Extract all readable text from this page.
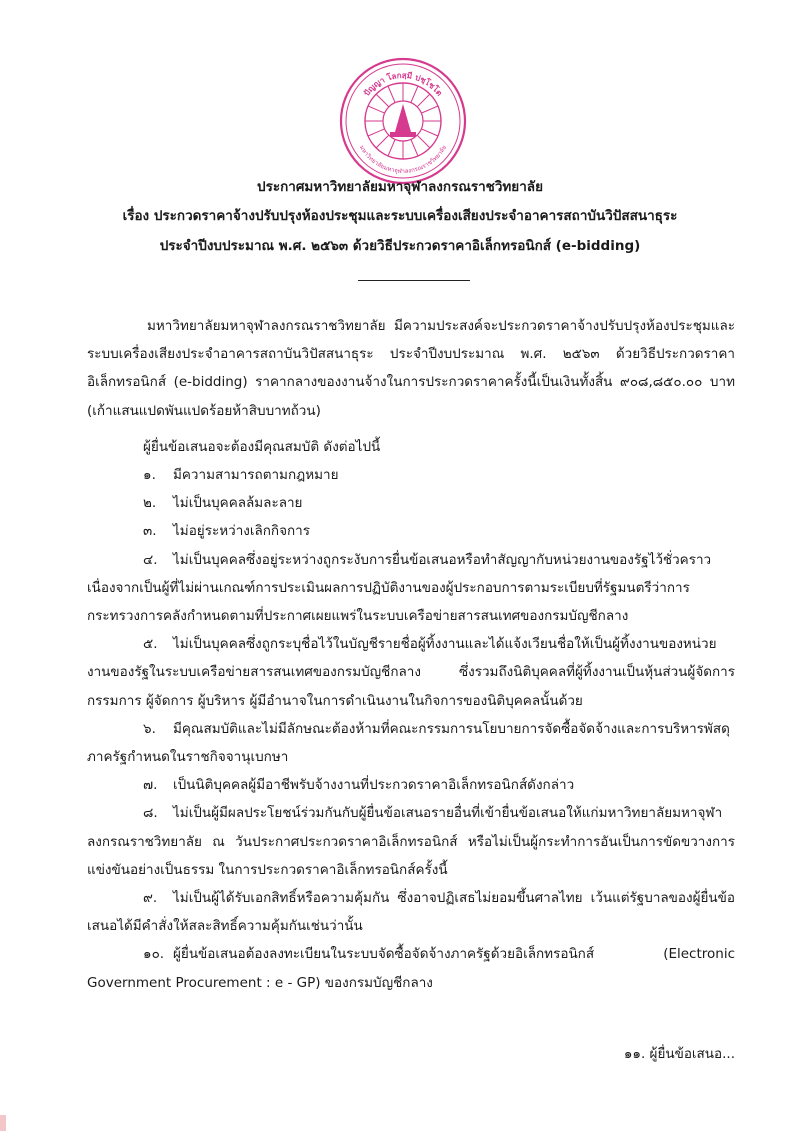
ปัญญา โลกสฺมี ปชฺโชโต
มหาวิทยาลัยมหาจุฬาลงกรณราชวิทยาลัย
ประกาศมหาวิทยาลัยมหาจุฬาลงกรณราชวิทยาลัย
เรื่อง ประกวดราคาจ้างปรับปรุงห้องประชุมและระบบเครื่องเสียงประจำอาคารสถาบันวิปัสสนาธุระ
ประจำปีงบประมาณ พ.ศ. ๒๕๖๓ ด้วยวิธีประกวดราคาอิเล็กทรอนิกส์ (e-bidding)

มหาวิทยาลัยมหาจุฬาลงกรณราชวิทยาลัย มีความประสงค์จะประกวดราคาจ้างปรับปรุงห้องประชุมและระบบเครื่องเสียงประจำอาคารสถาบันวิปัสสนาธุระ ประจำปีงบประมาณ พ.ศ. ๒๕๖๓ ด้วยวิธีประกวดราคาอิเล็กทรอนิกส์ (e-bidding) ราคากลางของงานจ้างในการประกวดราคาครั้งนี้เป็นเงินทั้งสิ้น ๙๐๘,๘๕๐.๐๐ บาท (เก้าแสนแปดพันแปดร้อยห้าสิบบาทถ้วน)

ผู้ยื่นข้อเสนอจะต้องมีคุณสมบัติ ดังต่อไปนี้

๑. มีความสามารถตามกฎหมาย

๒. ไม่เป็นบุคคลล้มละลาย

๓. ไม่อยู่ระหว่างเลิกกิจการ

๔. ไม่เป็นบุคคลซึ่งอยู่ระหว่างถูกระงับการยื่นข้อเสนอหรือทำสัญญากับหน่วยงานของรัฐไว้ชั่วคราวเนื่องจากเป็นผู้ที่ไม่ผ่านเกณฑ์การประเมินผลการปฏิบัติงานของผู้ประกอบการตามระเบียบที่รัฐมนตรีว่าการกระทรวงการคลังกำหนดตามที่ประกาศเผยแพร่ในระบบเครือข่ายสารสนเทศของกรมบัญชีกลาง

๕. ไม่เป็นบุคคลซึ่งถูกระบุชื่อไว้ในบัญชีรายชื่อผู้ทิ้งงานและได้แจ้งเวียนชื่อให้เป็นผู้ทิ้งงานของหน่วยงานของรัฐในระบบเครือข่ายสารสนเทศของกรมบัญชีกลาง ซึ่งรวมถึงนิติบุคคลที่ผู้ทิ้งงานเป็นหุ้นส่วนผู้จัดการ กรรมการ ผู้จัดการ ผู้บริหาร ผู้มีอำนาจในการดำเนินงานในกิจการของนิติบุคคลนั้นด้วย

๖. มีคุณสมบัติและไม่มีลักษณะต้องห้ามที่คณะกรรมการนโยบายการจัดซื้อจัดจ้างและการบริหารพัสดุภาครัฐกำหนดในราชกิจจานุเบกษา

๗. เป็นนิติบุคคลผู้มีอาชีพรับจ้างงานที่ประกวดราคาอิเล็กทรอนิกส์ดังกล่าว

๘. ไม่เป็นผู้มีผลประโยชน์ร่วมกันกับผู้ยื่นข้อเสนอรายอื่นที่เข้ายื่นข้อเสนอให้แก่มหาวิทยาลัยมหาจุฬาลงกรณราชวิทยาลัย ณ วันประกาศประกวดราคาอิเล็กทรอนิกส์ หรือไม่เป็นผู้กระทำการอันเป็นการขัดขวางการแข่งขันอย่างเป็นธรรม ในการประกวดราคาอิเล็กทรอนิกส์ครั้งนี้

๙. ไม่เป็นผู้ได้รับเอกสิทธิ์หรือความคุ้มกัน ซึ่งอาจปฏิเสธไม่ยอมขึ้นศาลไทย เว้นแต่รัฐบาลของผู้ยื่นข้อเสนอได้มีคำสั่งให้สละสิทธิ์ความคุ้มกันเช่นว่านั้น

๑๐. ผู้ยื่นข้อเสนอต้องลงทะเบียนในระบบจัดซื้อจัดจ้างภาครัฐด้วยอิเล็กทรอนิกส์ (Electronic Government Procurement : e - GP) ของกรมบัญชีกลาง

๑๑. ผู้ยื่นข้อเสนอ...
